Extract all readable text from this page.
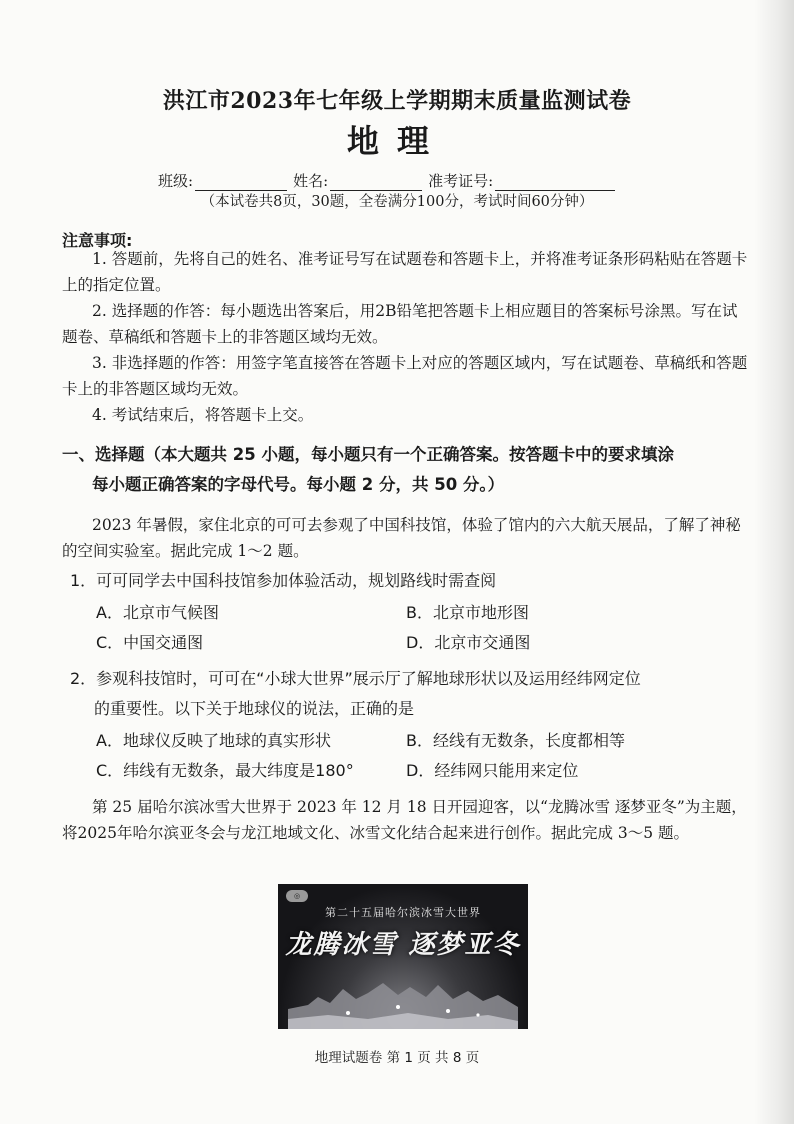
洪江市2023年七年级上学期期末质量监测试卷
地理
班级:	姓名:	准考证号:
（本试卷共8页，30题，全卷满分100分，考试时间60分钟）
注意事项:

1. 答题前，先将自己的姓名、准考证号写在试题卷和答题卡上，并将准考证条形码粘贴在答题卡上的指定位置。

2. 选择题的作答：每小题选出答案后，用2B铅笔把答题卡上相应题目的答案标号涂黑。写在试题卷、草稿纸和答题卡上的非答题区域均无效。

3. 非选择题的作答：用签字笔直接答在答题卡上对应的答题区域内，写在试题卷、草稿纸和答题卡上的非答题区域均无效。

4. 考试结束后，将答题卡上交。

一、选择题（本大题共 25 小题，每小题只有一个正确答案。按答题卡中的要求填涂
每小题正确答案的字母代号。每小题 2 分，共 50 分。）

2023 年暑假，家住北京的可可去参观了中国科技馆，体验了馆内的六大航天展品，了解了神秘的空间实验室。据此完成 1～2 题。

1．可可同学去中国科技馆参加体验活动，规划路线时需查阅
A．北京市气候图	B．北京市地形图
C．中国交通图	D．北京市交通图
2．参观科技馆时，可可在“小球大世界”展示厅了解地球形状以及运用经纬网定位
的重要性。以下关于地球仪的说法，正确的是
A．地球仪反映了地球的真实形状	B．经线有无数条，长度都相等
C．纬线有无数条，最大纬度是180°	D．经纬网只能用来定位

第 25 届哈尔滨冰雪大世界于 2023 年 12 月 18 日开园迎客，以“龙腾冰雪 逐梦亚冬”为主题，将2025年哈尔滨亚冬会与龙江地域文化、冰雪文化结合起来进行创作。据此完成 3～5 题。

◎
第二十五届哈尔滨冰雪大世界
龙腾冰雪 逐梦亚冬
地理试题卷 第 1 页 共 8 页
